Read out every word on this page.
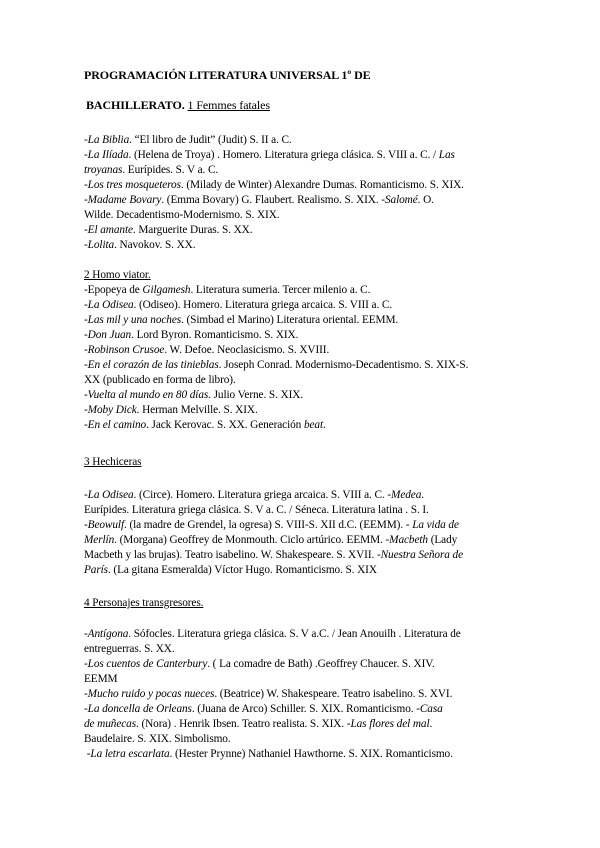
PROGRAMACIÓN LITERATURA UNIVERSAL 1º DE
BACHILLERATO. 1 Femmes fatales
-La Biblia. “El libro de Judit” (Judit) S. II a. C.
-La Ilíada. (Helena de Troya) . Homero. Literatura griega clásica. S. VIII a. C. / Las
troyanas. Eurípides. S. V a. C.
-Los tres mosqueteros. (Milady de Winter) Alexandre Dumas. Romanticismo. S. XIX.
-Madame Bovary. (Emma Bovary) G. Flaubert. Realismo. S. XIX. -Salomé. O.
Wilde. Decadentismo-Modernismo. S. XIX.
-El amante. Marguerite Duras. S. XX.
-Lolita. Navokov. S. XX.
2 Homo viator.
-Epopeya de Gilgamesh. Literatura sumeria. Tercer milenio a. C.
-La Odisea. (Odiseo). Homero. Literatura griega arcaica. S. VIII a. C.
-Las mil y una noches. (Simbad el Marino) Literatura oriental. EEMM.
-Don Juan. Lord Byron. Romanticismo. S. XIX.
-Robinson Crusoe. W. Defoe. Neoclasicismo. S. XVIII.
-En el corazón de las tinieblas. Joseph Conrad. Modernismo-Decadentismo. S. XIX-S.
XX (publicado en forma de libro).
-Vuelta al mundo en 80 días. Julio Verne. S. XIX.
-Moby Dick. Herman Melville. S. XIX.
-En el camino. Jack Kerovac. S. XX. Generación beat.
3 Hechiceras
-La Odisea. (Circe). Homero. Literatura griega arcaica. S. VIII a. C. -Medea.
Eurípides. Literatura griega clásica. S. V a. C. / Séneca. Literatura latina . S. I.
-Beowulf. (la madre de Grendel, la ogresa) S. VIII-S. XII d.C. (EEMM). - La vida de
Merlín. (Morgana) Geoffrey de Monmouth. Ciclo artúrico. EEMM. -Macbeth (Lady
Macbeth y las brujas). Teatro isabelino. W. Shakespeare. S. XVII. -Nuestra Señora de
París. (La gitana Esmeralda) Víctor Hugo. Romanticismo. S. XIX
4 Personajes transgresores.
-Antígona. Sófocles. Literatura griega clásica. S. V a.C. / Jean Anouilh . Literatura de
entreguerras. S. XX.
-Los cuentos de Canterbury. ( La comadre de Bath) .Geoffrey Chaucer. S. XIV.
EEMM
-Mucho ruido y pocas nueces. (Beatrice) W. Shakespeare. Teatro isabelino. S. XVI.
-La doncella de Orleans. (Juana de Arco) Schiller. S. XIX. Romanticismo. -Casa
de muñecas. (Nora) . Henrik Ibsen. Teatro realista. S. XIX. -Las flores del mal.
Baudelaire. S. XIX. Simbolismo.
-La letra escarlata. (Hester Prynne) Nathaniel Hawthorne. S. XIX. Romanticismo.
